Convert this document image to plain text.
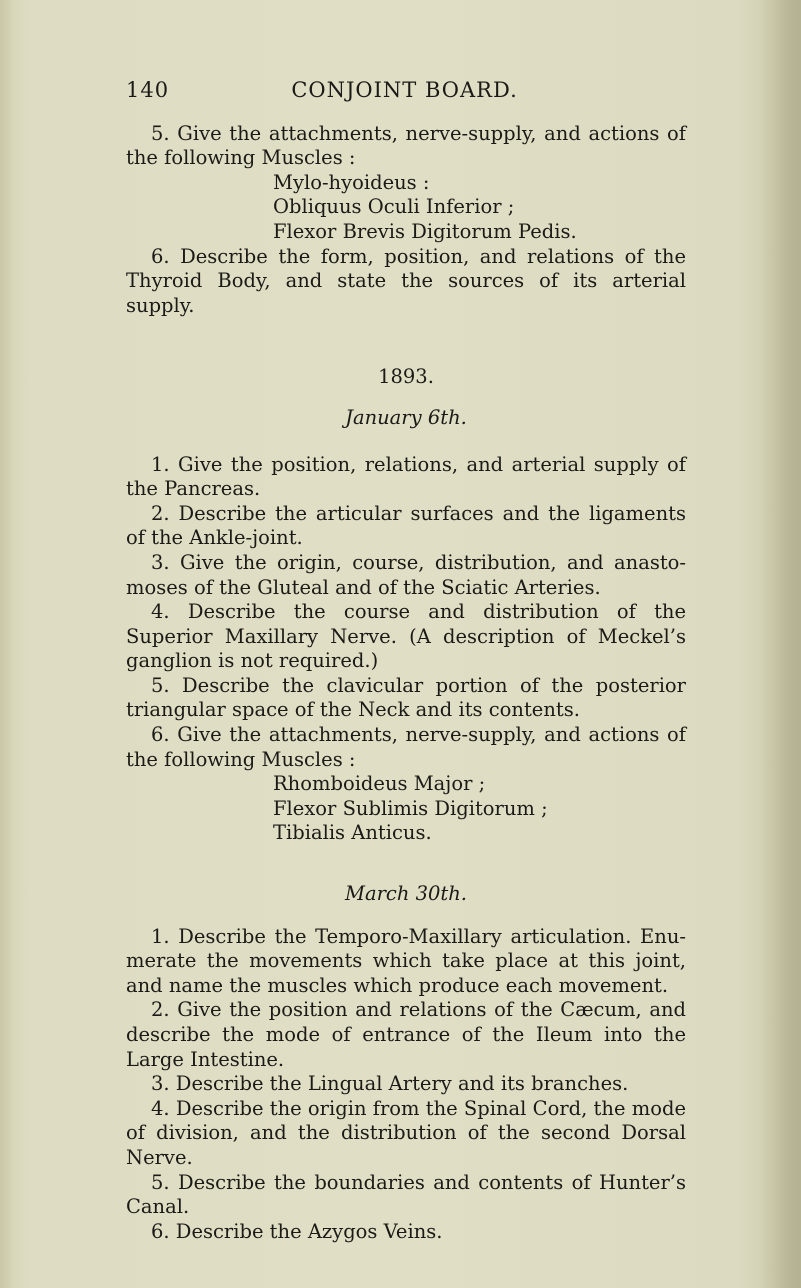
140	CONJOINT BOARD.

5. Give the attachments, nerve-supply, and actions of the following Muscles :

Mylo-hyoideus :

Obliquus Oculi Inferior ;

Flexor Brevis Digitorum Pedis.

6. Describe the form, position, and relations of the Thyroid Body, and state the sources of its arterial supply.

1893.
January 6th.

1. Give the position, relations, and arterial supply of the Pancreas.

2. Describe the articular surfaces and the ligaments of the Ankle-joint.

3. Give the origin, course, distribution, and anastomoses of the Gluteal and of the Sciatic Arteries.

4. Describe the course and distribution of the Superior Maxillary Nerve. (A description of Meckel’s ganglion is not required.)

5. Describe the clavicular portion of the posterior triangular space of the Neck and its contents.

6. Give the attachments, nerve-supply, and actions of the following Muscles :

Rhomboideus Major ;

Flexor Sublimis Digitorum ;

Tibialis Anticus.

March 30th.

1. Describe the Temporo-Maxillary articulation. Enumerate the movements which take place at this joint, and name the muscles which produce each movement.

2. Give the position and relations of the Cæcum, and describe the mode of entrance of the Ileum into the Large Intestine.

3. Describe the Lingual Artery and its branches.

4. Describe the origin from the Spinal Cord, the mode of division, and the distribution of the second Dorsal Nerve.

5. Describe the boundaries and contents of Hunter’s Canal.

6. Describe the Azygos Veins.
